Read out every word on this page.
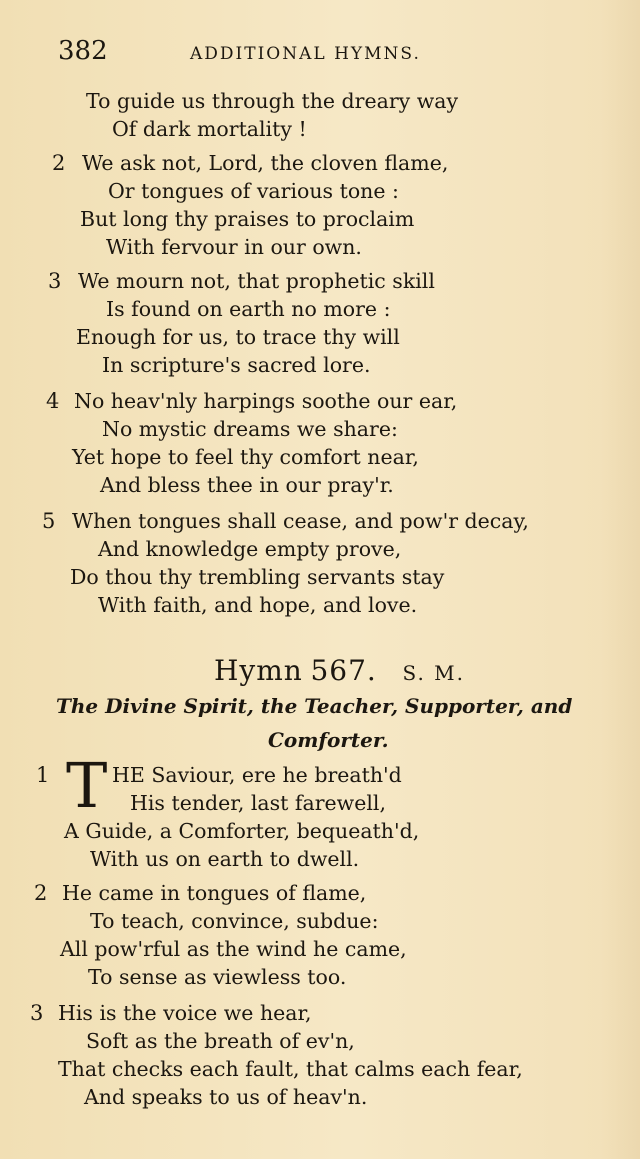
382	ADDITIONAL HYMNS.
To guide us through the dreary way
Of dark mortality !
2 We ask not, Lord, the cloven flame,
Or tongues of various tone :
But long thy praises to proclaim
With fervour in our own.
3 We mourn not, that prophetic skill
Is found on earth no more :
Enough for us, to trace thy will
In scripture's sacred lore.
4 No heav'nly harpings soothe our ear,
No mystic dreams we share:
Yet hope to feel thy comfort near,
And bless thee in our pray'r.
5 When tongues shall cease, and pow'r decay,
And knowledge empty prove,
Do thou thy trembling servants stay
With faith, and hope, and love.
Hymn 567. S. M.
The Divine Spirit, the Teacher, Supporter, and
Comforter.
1 T HE Saviour, ere he breath'd
His tender, last farewell,
A Guide, a Comforter, bequeath'd,
With us on earth to dwell.
2 He came in tongues of flame,
To teach, convince, subdue:
All pow'rful as the wind he came,
To sense as viewless too.
3 His is the voice we hear,
Soft as the breath of ev'n,
That checks each fault, that calms each fear,
And speaks to us of heav'n.
